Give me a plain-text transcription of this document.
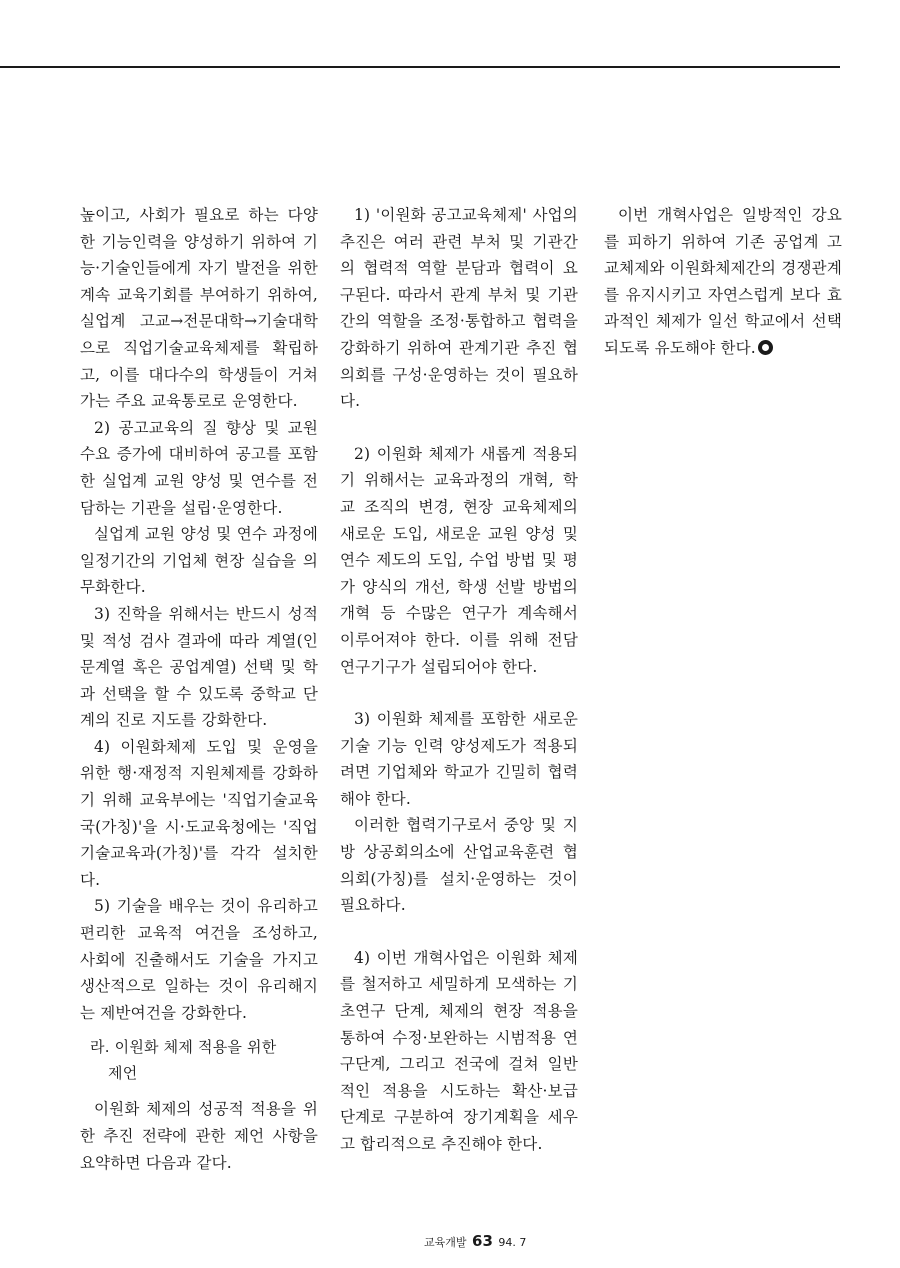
높이고, 사회가 필요로 하는 다양한 기능인력을 양성하기 위하여 기능·기술인들에게 자기 발전을 위한 계속 교육기회를 부여하기 위하여, 실업계 고교→전문대학→기술대학으로 직업기술교육체제를 확립하고, 이를 대다수의 학생들이 거쳐가는 주요 교육통로로 운영한다.

2) 공고교육의 질 향상 및 교원 수요 증가에 대비하여 공고를 포함한 실업계 교원 양성 및 연수를 전담하는 기관을 설립·운영한다.

실업계 교원 양성 및 연수 과정에 일정기간의 기업체 현장 실습을 의무화한다.

3) 진학을 위해서는 반드시 성적 및 적성 검사 결과에 따라 계열(인문계열 혹은 공업계열) 선택 및 학과 선택을 할 수 있도록 중학교 단계의 진로 지도를 강화한다.

4) 이원화체제 도입 및 운영을 위한 행·재정적 지원체제를 강화하기 위해 교육부에는 '직업기술교육국(가칭)'을 시·도교육청에는 '직업기술교육과(가칭)'를 각각 설치한다.

5) 기술을 배우는 것이 유리하고 편리한 교육적 여건을 조성하고, 사회에 진출해서도 기술을 가지고 생산적으로 일하는 것이 유리해지는 제반여건을 강화한다.

라. 이원화 체제 적용을 위한

제언

이원화 체제의 성공적 적용을 위한 추진 전략에 관한 제언 사항을 요약하면 다음과 같다.

1) '이원화 공고교육체제' 사업의 추진은 여러 관련 부처 및 기관간의 협력적 역할 분담과 협력이 요구된다. 따라서 관계 부처 및 기관간의 역할을 조정·통합하고 협력을 강화하기 위하여 관계기관 추진 협의회를 구성·운영하는 것이 필요하다.

2) 이원화 체제가 새롭게 적용되기 위해서는 교육과정의 개혁, 학교 조직의 변경, 현장 교육체제의 새로운 도입, 새로운 교원 양성 및 연수 제도의 도입, 수업 방법 및 평가 양식의 개선, 학생 선발 방법의 개혁 등 수많은 연구가 계속해서 이루어져야 한다. 이를 위해 전담 연구기구가 설립되어야 한다.

3) 이원화 체제를 포함한 새로운 기술 기능 인력 양성제도가 적용되려면 기업체와 학교가 긴밀히 협력해야 한다.

이러한 협력기구로서 중앙 및 지방 상공회의소에 산업교육훈련 협의회(가칭)를 설치·운영하는 것이 필요하다.

4) 이번 개혁사업은 이원화 체제를 철저하고 세밀하게 모색하는 기초연구 단계, 체제의 현장 적용을 통하여 수정·보완하는 시범적용 연구단계, 그리고 전국에 걸쳐 일반적인 적용을 시도하는 확산·보급 단계로 구분하여 장기계획을 세우고 합리적으로 추진해야 한다.

이번 개혁사업은 일방적인 강요를 피하기 위하여 기존 공업계 고교체제와 이원화체제간의 경쟁관계를 유지시키고 자연스럽게 보다 효과적인 체제가 일선 학교에서 선택되도록 유도해야 한다.

교육개발 63 94. 7
